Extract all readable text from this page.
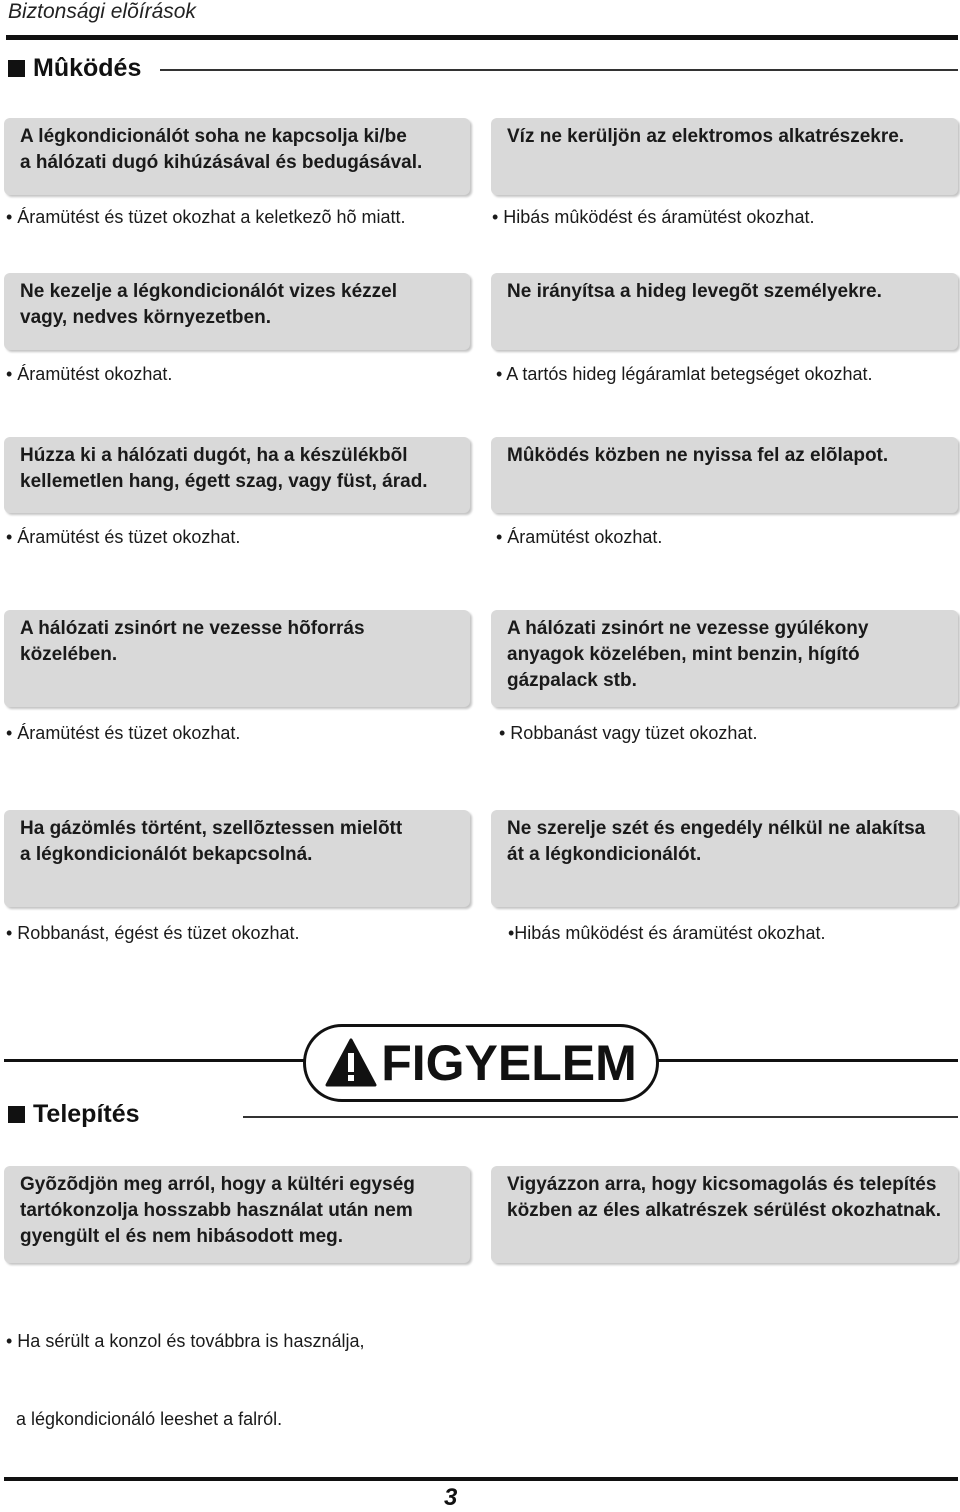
Biztonsági elõírások
Mûködés
A légkondicionálót soha ne kapcsolja ki/be
a hálózati dugó kihúzásával és bedugásával.
• Áramütést és tüzet okozhat a keletkezõ hõ miatt.
Víz ne kerüljön az elektromos alkatrészekre.
• Hibás mûködést és áramütést okozhat.
Ne kezelje a légkondicionálót vizes kézzel
vagy, nedves környezetben.
• Áramütést okozhat.
Ne irányítsa a hideg levegõt személyekre.
• A tartós hideg légáramlat betegséget okozhat.
Húzza ki a hálózati dugót, ha a készülékbõl
kellemetlen hang, égett szag, vagy füst, árad.
• Áramütést és tüzet okozhat.
Mûködés közben ne nyissa fel az elõlapot.
• Áramütést okozhat.
A hálózati zsinórt ne vezesse hõforrás
közelében.
• Áramütést és tüzet okozhat.
A hálózati zsinórt ne vezesse gyúlékony
anyagok közelében, mint benzin, hígító
gázpalack stb.
• Robbanást vagy tüzet okozhat.
Ha gázömlés történt, szellõztessen mielõtt
a légkondicionálót bekapcsolná.
• Robbanást, égést és tüzet okozhat.
Ne szerelje szét és engedély nélkül ne alakítsa
át a légkondicionálót.
•Hibás mûködést és áramütést okozhat.
FIGYELEM
Telepítés
Gyõzõdjön meg arról, hogy a kültéri egység
tartókonzolja hosszabb használat után nem
gyengült el és nem hibásodott meg.

• Ha sérült a konzol és továbbra is használja,

a légkondicionáló leeshet a falról.

Vigyázzon arra, hogy kicsomagolás és telepítés
közben az éles alkatrészek sérülést okozhatnak.
3
